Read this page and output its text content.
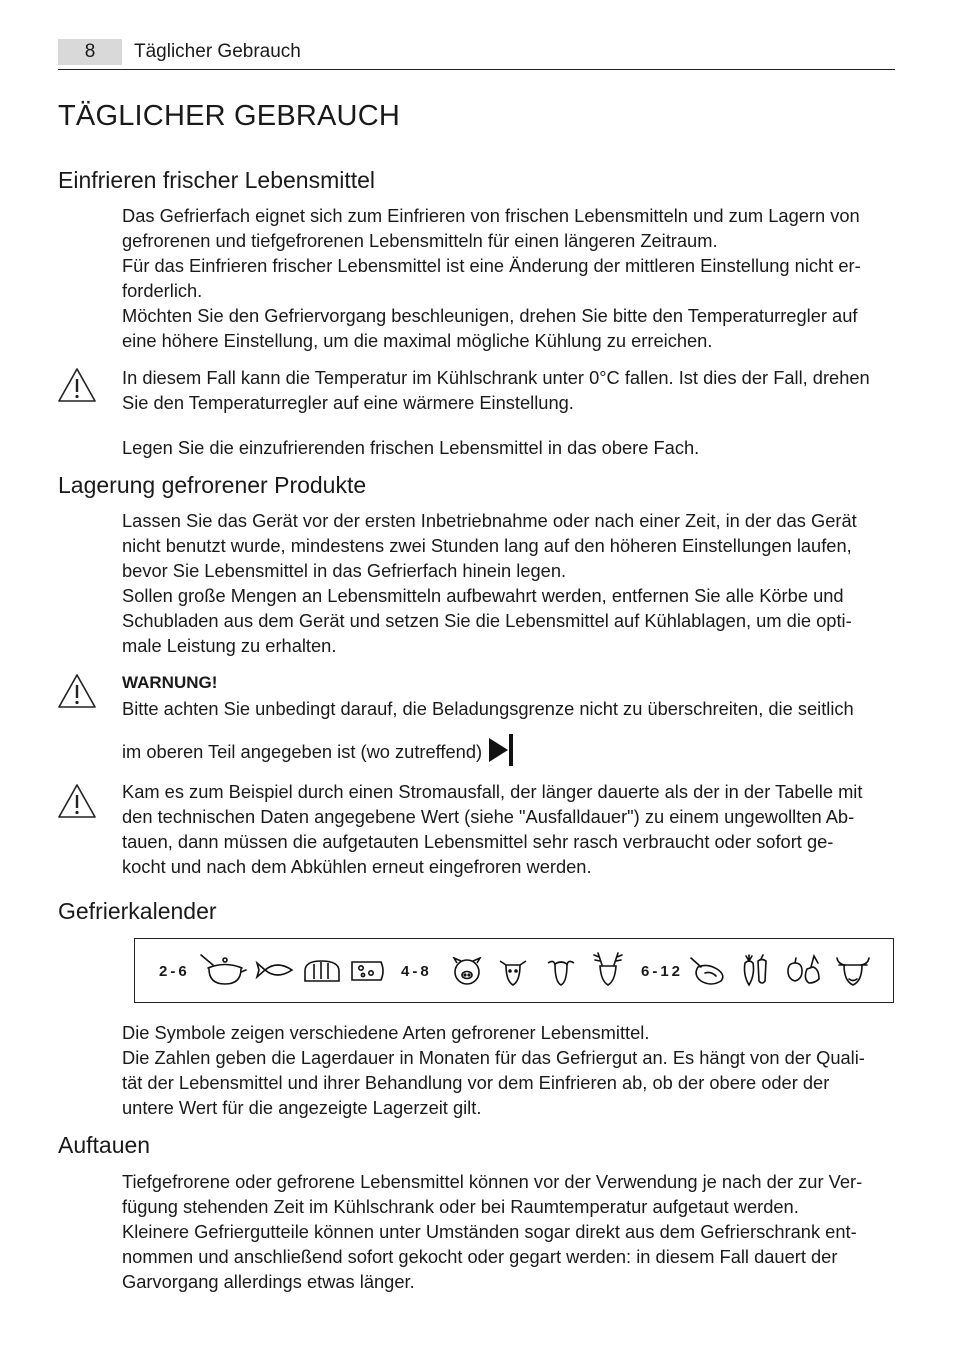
8	Täglicher Gebrauch
TÄGLICHER GEBRAUCH
Einfrieren frischer Lebensmittel

Das Gefrierfach eignet sich zum Einfrieren von frischen Lebensmitteln und zum Lagern von
gefrorenen und tiefgefrorenen Lebensmitteln für einen längeren Zeitraum.
Für das Einfrieren frischer Lebensmittel ist eine Änderung der mittleren Einstellung nicht er-
forderlich.
Möchten Sie den Gefriervorgang beschleunigen, drehen Sie bitte den Temperaturregler auf
eine höhere Einstellung, um die maximal mögliche Kühlung zu erreichen.

In diesem Fall kann die Temperatur im Kühlschrank unter 0°C fallen. Ist dies der Fall, drehen
Sie den Temperaturregler auf eine wärmere Einstellung.

Legen Sie die einzufrierenden frischen Lebensmittel in das obere Fach.

Lagerung gefrorener Produkte

Lassen Sie das Gerät vor der ersten Inbetriebnahme oder nach einer Zeit, in der das Gerät
nicht benutzt wurde, mindestens zwei Stunden lang auf den höheren Einstellungen laufen,
bevor Sie Lebensmittel in das Gefrierfach hinein legen.
Sollen große Mengen an Lebensmitteln aufbewahrt werden, entfernen Sie alle Körbe und
Schubladen aus dem Gerät und setzen Sie die Lebensmittel auf Kühlablagen, um die opti-
male Leistung zu erhalten.

WARNUNG!

Bitte achten Sie unbedingt darauf, die Beladungsgrenze nicht zu überschreiten, die seitlich
im oberen Teil angegeben ist (wo zutreffend)

Kam es zum Beispiel durch einen Stromausfall, der länger dauerte als der in der Tabelle mit
den technischen Daten angegebene Wert (siehe "Ausfalldauer") zu einem ungewollten Ab-
tauen, dann müssen die aufgetauten Lebensmittel sehr rasch verbraucht oder sofort ge-
kocht und nach dem Abkühlen erneut eingefroren werden.

Gefrierkalender
2-6	4-8	6-12

Die Symbole zeigen verschiedene Arten gefrorener Lebensmittel.
Die Zahlen geben die Lagerdauer in Monaten für das Gefriergut an. Es hängt von der Quali-
tät der Lebensmittel und ihrer Behandlung vor dem Einfrieren ab, ob der obere oder der
untere Wert für die angezeigte Lagerzeit gilt.

Auftauen

Tiefgefrorene oder gefrorene Lebensmittel können vor der Verwendung je nach der zur Ver-
fügung stehenden Zeit im Kühlschrank oder bei Raumtemperatur aufgetaut werden.
Kleinere Gefriergutteile können unter Umständen sogar direkt aus dem Gefrierschrank ent-
nommen und anschließend sofort gekocht oder gegart werden: in diesem Fall dauert der
Garvorgang allerdings etwas länger.
